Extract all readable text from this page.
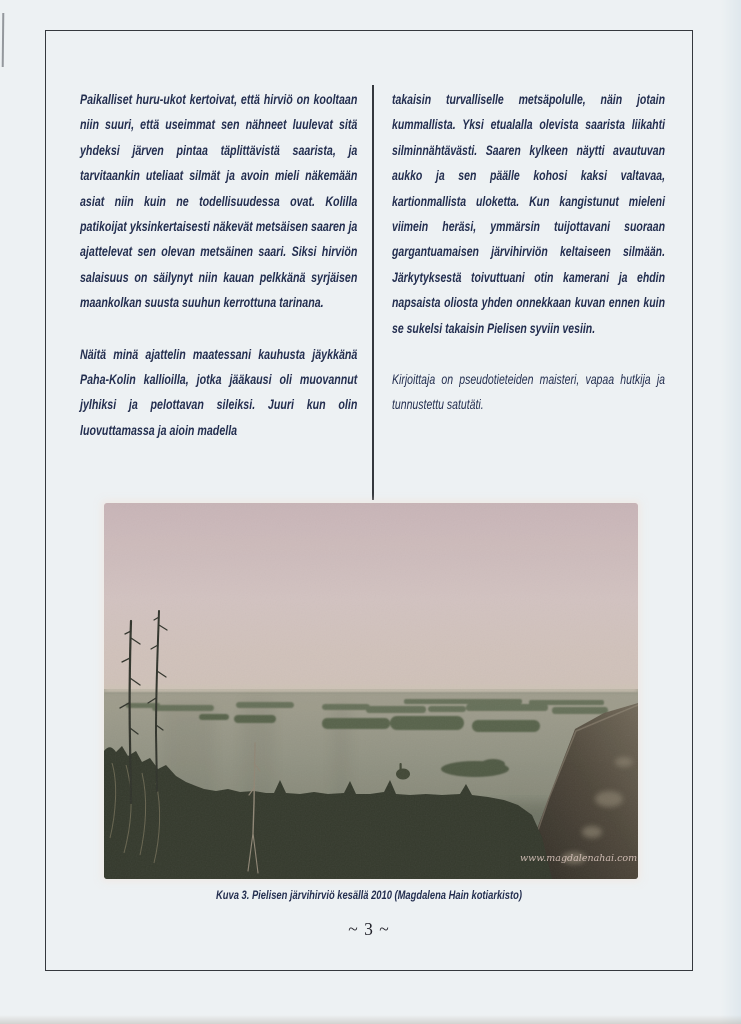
Paikalliset huru-ukot kertoivat, että hirviö on kooltaan niin suuri, että useimmat sen nähneet luulevat sitä yhdeksi järven pintaa täplittävistä saarista, ja tarvitaankin uteliaat silmät ja avoin mieli näkemään asiat niin kuin ne todellisuudessa ovat. Kolilla patikoijat yksinkertaisesti näkevät metsäisen saaren ja ajattelevat sen olevan metsäinen saari. Siksi hirviön salaisuus on säilynyt niin kauan pelkkänä syrjäisen maankolkan suusta suuhun kerrottuna tarinana.

Näitä minä ajattelin maatessani kauhusta jäykkänä Paha-Kolin kallioilla, jotka jääkausi oli muovannut jylhiksi ja pelottavan sileiksi. Juuri kun olin luovuttamassa ja aioin madella

takaisin turvalliselle metsäpolulle, näin jotain kummallista. Yksi etualalla olevista saarista liikahti silminnähtävästi. Saaren kylkeen näytti avautuvan aukko ja sen päälle kohosi kaksi valtavaa, kartionmallista uloketta. Kun kangistunut mieleni viimein heräsi, ymmärsin tuijottavani suoraan gargantuamaisen järvihirviön keltaiseen silmään. Järkytyksestä toivuttuani otin kamerani ja ehdin napsaista oliosta yhden onnekkaan kuvan ennen kuin se sukelsi takaisin Pielisen syviin vesiin.

Kirjoittaja on pseudotieteiden maisteri, vapaa hutkija ja tunnustettu satutäti.

www.magdalenahai.com
Kuva 3. Pielisen järvihirviö kesällä 2010 (Magdalena Hain kotiarkisto)
~ 3 ~
